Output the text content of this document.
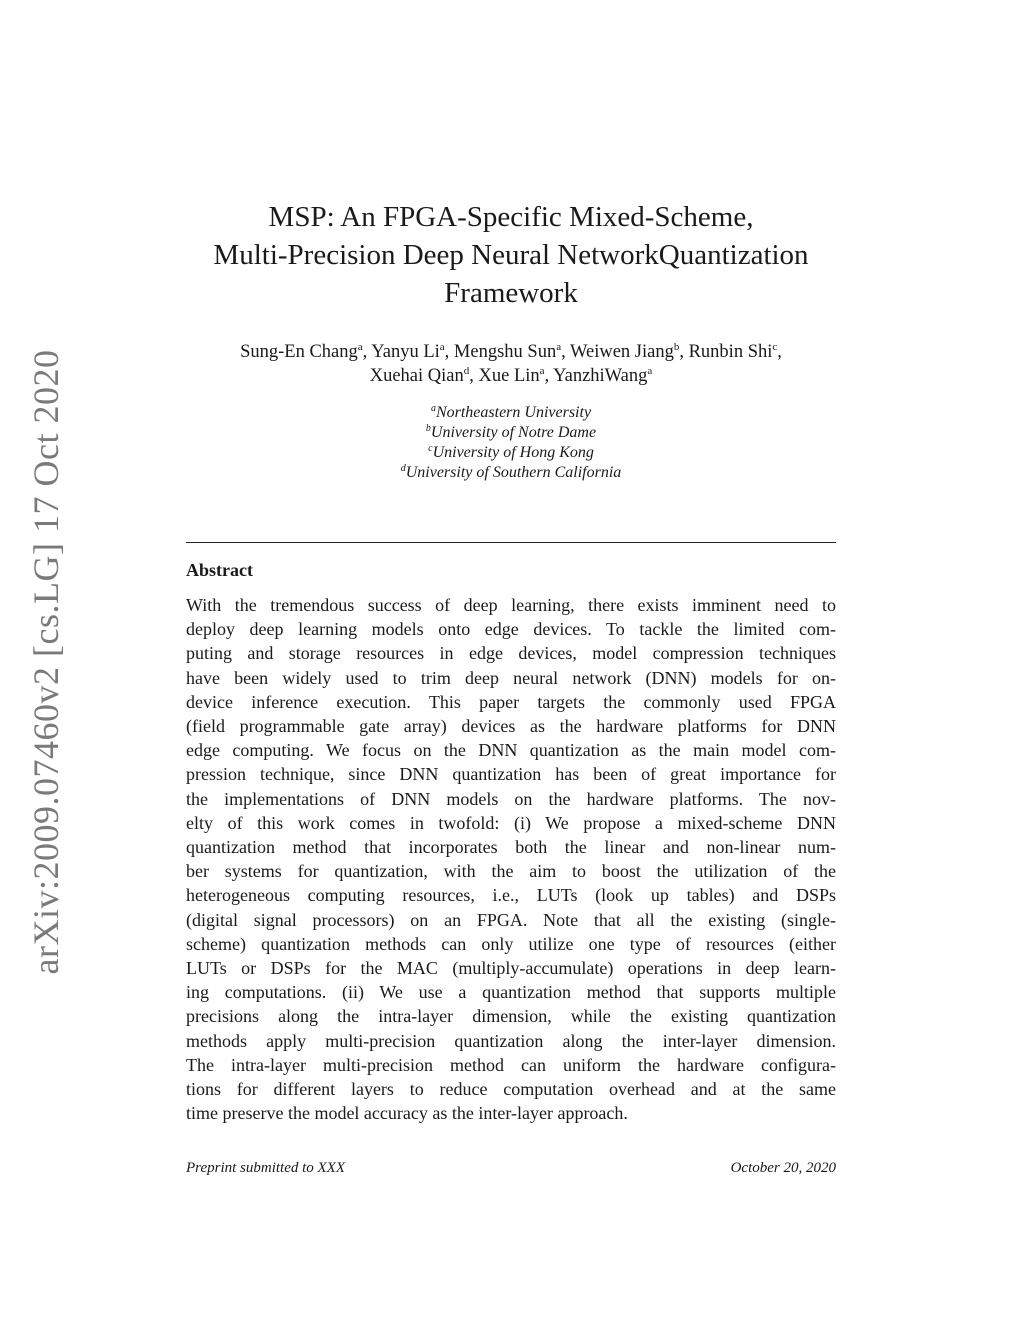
arXiv:2009.07460v2 [cs.LG] 17 Oct 2020
MSP: An FPGA-Specific Mixed-Scheme,
Multi-Precision Deep Neural NetworkQuantization
Framework
Sung-En Chang$^a$, Yanyu Li$^a$, Mengshu Sun$^a$, Weiwen Jiang$^b$, Runbin Shi$^c$,
Xuehai Qian$^d$, Xue Lin$^a$, YanzhiWang$^a$
$^a$Northeastern University
$^b$University of Notre Dame
$^c$University of Hong Kong
$^d$University of Southern California
Abstract
With the tremendous success of deep learning, there exists imminent need to
deploy deep learning models onto edge devices. To tackle the limited com-
puting and storage resources in edge devices, model compression techniques
have been widely used to trim deep neural network (DNN) models for on-
device inference execution. This paper targets the commonly used FPGA
(field programmable gate array) devices as the hardware platforms for DNN
edge computing. We focus on the DNN quantization as the main model com-
pression technique, since DNN quantization has been of great importance for
the implementations of DNN models on the hardware platforms. The nov-
elty of this work comes in twofold: (i) We propose a mixed-scheme DNN
quantization method that incorporates both the linear and non-linear num-
ber systems for quantization, with the aim to boost the utilization of the
heterogeneous computing resources, i.e., LUTs (look up tables) and DSPs
(digital signal processors) on an FPGA. Note that all the existing (single-
scheme) quantization methods can only utilize one type of resources (either
LUTs or DSPs for the MAC (multiply-accumulate) operations in deep learn-
ing computations. (ii) We use a quantization method that supports multiple
precisions along the intra-layer dimension, while the existing quantization
methods apply multi-precision quantization along the inter-layer dimension.
The intra-layer multi-precision method can uniform the hardware configura-
tions for different layers to reduce computation overhead and at the same
time preserve the model accuracy as the inter-layer approach.
Preprint submitted to XXX	October 20, 2020
